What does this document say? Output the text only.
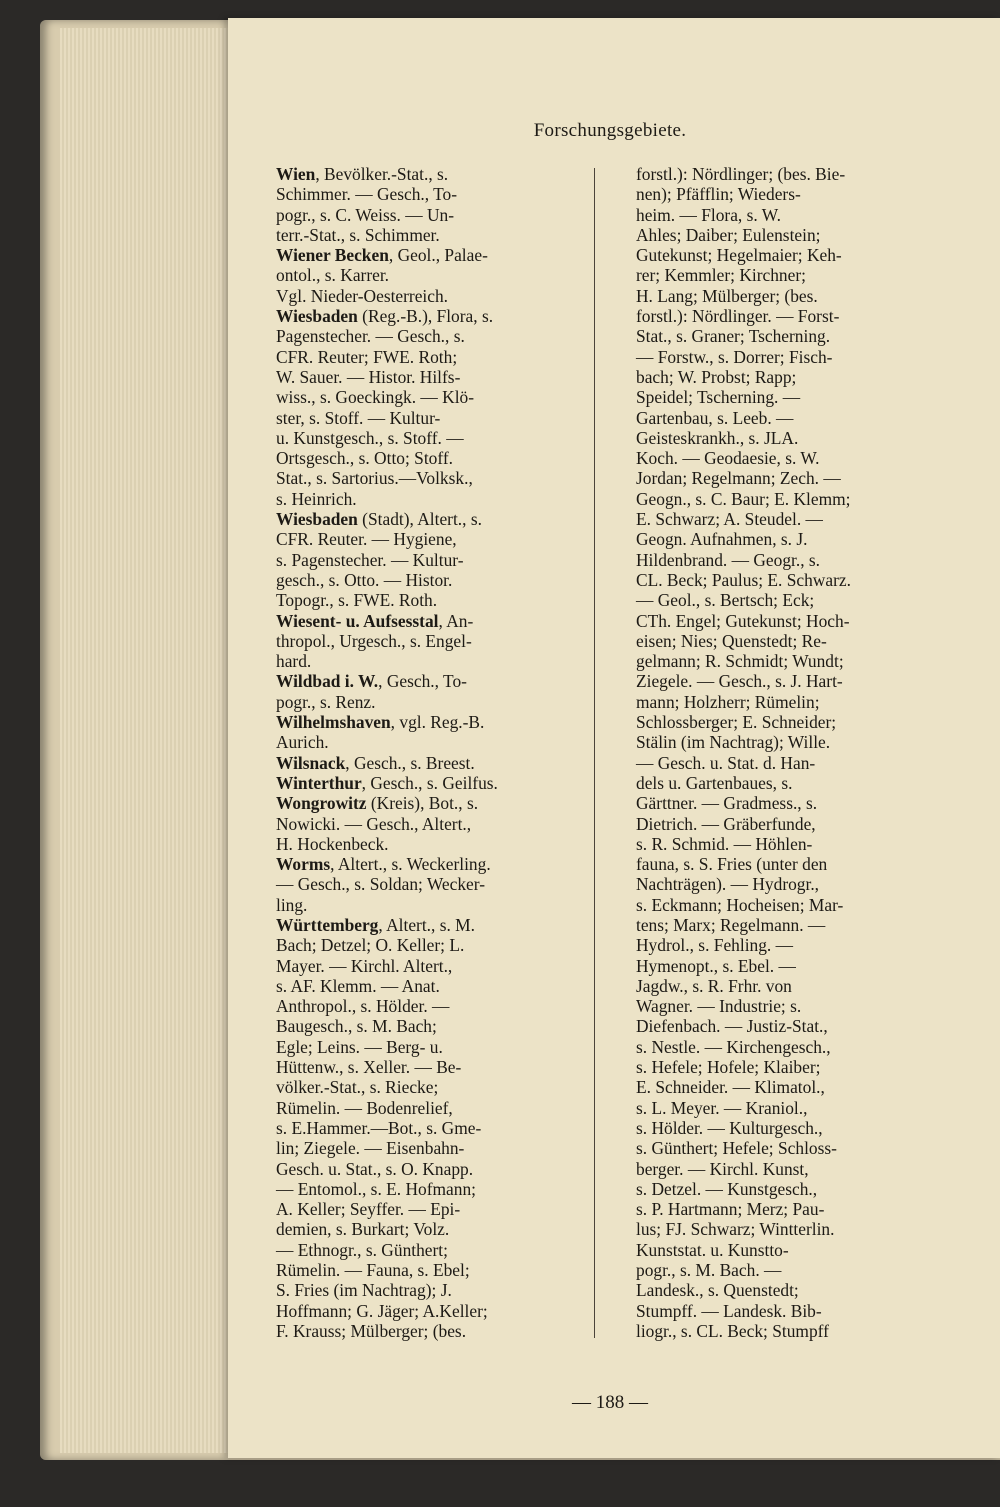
Forschungsgebiete.
Wien, Bevölker.-Stat., s.
Schimmer. — Gesch., To-
pogr., s. C. Weiss. — Un-
terr.-Stat., s. Schimmer.
Wiener Becken, Geol., Palae-
ontol., s. Karrer.
Vgl. Nieder-Oesterreich.
Wiesbaden (Reg.-B.), Flora, s.
Pagenstecher. — Gesch., s.
CFR. Reuter; FWE. Roth;
W. Sauer. — Histor. Hilfs-
wiss., s. Goeckingk. — Klö-
ster, s. Stoff. — Kultur-
u. Kunstgesch., s. Stoff. —
Ortsgesch., s. Otto; Stoff.
Stat., s. Sartorius.—Volksk.,
s. Heinrich.
Wiesbaden (Stadt), Altert., s.
CFR. Reuter. — Hygiene,
s. Pagenstecher. — Kultur-
gesch., s. Otto. — Histor.
Topogr., s. FWE. Roth.
Wiesent- u. Aufsesstal, An-
thropol., Urgesch., s. Engel-
hard.
Wildbad i. W., Gesch., To-
pogr., s. Renz.
Wilhelmshaven, vgl. Reg.-B.
Aurich.
Wilsnack, Gesch., s. Breest.
Winterthur, Gesch., s. Geilfus.
Wongrowitz (Kreis), Bot., s.
Nowicki. — Gesch., Altert.,
H. Hockenbeck.
Worms, Altert., s. Weckerling.
— Gesch., s. Soldan; Wecker-
ling.
Württemberg, Altert., s. M.
Bach; Detzel; O. Keller; L.
Mayer. — Kirchl. Altert.,
s. AF. Klemm. — Anat.
Anthropol., s. Hölder. —
Baugesch., s. M. Bach;
Egle; Leins. — Berg- u.
Hüttenw., s. Xeller. — Be-
völker.-Stat., s. Riecke;
Rümelin. — Bodenrelief,
s. E.Hammer.—Bot., s. Gme-
lin; Ziegele. — Eisenbahn-
Gesch. u. Stat., s. O. Knapp.
— Entomol., s. E. Hofmann;
A. Keller; Seyffer. — Epi-
demien, s. Burkart; Volz.
— Ethnogr., s. Günthert;
Rümelin. — Fauna, s. Ebel;
S. Fries (im Nachtrag); J.
Hoffmann; G. Jäger; A.Keller;
F. Krauss; Mülberger; (bes.
forstl.): Nördlinger; (bes. Bie-
nen); Pfäfflin; Wieders-
heim. — Flora, s. W.
Ahles; Daiber; Eulenstein;
Gutekunst; Hegelmaier; Keh-
rer; Kemmler; Kirchner;
H. Lang; Mülberger; (bes.
forstl.): Nördlinger. — Forst-
Stat., s. Graner; Tscherning.
— Forstw., s. Dorrer; Fisch-
bach; W. Probst; Rapp;
Speidel; Tscherning. —
Gartenbau, s. Leeb. —
Geisteskrankh., s. JLA.
Koch. — Geodaesie, s. W.
Jordan; Regelmann; Zech. —
Geogn., s. C. Baur; E. Klemm;
E. Schwarz; A. Steudel. —
Geogn. Aufnahmen, s. J.
Hildenbrand. — Geogr., s.
CL. Beck; Paulus; E. Schwarz.
— Geol., s. Bertsch; Eck;
CTh. Engel; Gutekunst; Hoch-
eisen; Nies; Quenstedt; Re-
gelmann; R. Schmidt; Wundt;
Ziegele. — Gesch., s. J. Hart-
mann; Holzherr; Rümelin;
Schlossberger; E. Schneider;
Stälin (im Nachtrag); Wille.
— Gesch. u. Stat. d. Han-
dels u. Gartenbaues, s.
Gärttner. — Gradmess., s.
Dietrich. — Gräberfunde,
s. R. Schmid. — Höhlen-
fauna, s. S. Fries (unter den
Nachträgen). — Hydrogr.,
s. Eckmann; Hocheisen; Mar-
tens; Marx; Regelmann. —
Hydrol., s. Fehling. —
Hymenopt., s. Ebel. —
Jagdw., s. R. Frhr. von
Wagner. — Industrie; s.
Diefenbach. — Justiz-Stat.,
s. Nestle. — Kirchengesch.,
s. Hefele; Hofele; Klaiber;
E. Schneider. — Klimatol.,
s. L. Meyer. — Kraniol.,
s. Hölder. — Kulturgesch.,
s. Günthert; Hefele; Schloss-
berger. — Kirchl. Kunst,
s. Detzel. — Kunstgesch.,
s. P. Hartmann; Merz; Pau-
lus; FJ. Schwarz; Wintterlin.
Kunststat. u. Kunstto-
pogr., s. M. Bach. —
Landesk., s. Quenstedt;
Stumpff. — Landesk. Bib-
liogr., s. CL. Beck; Stumpff
— 188 —
